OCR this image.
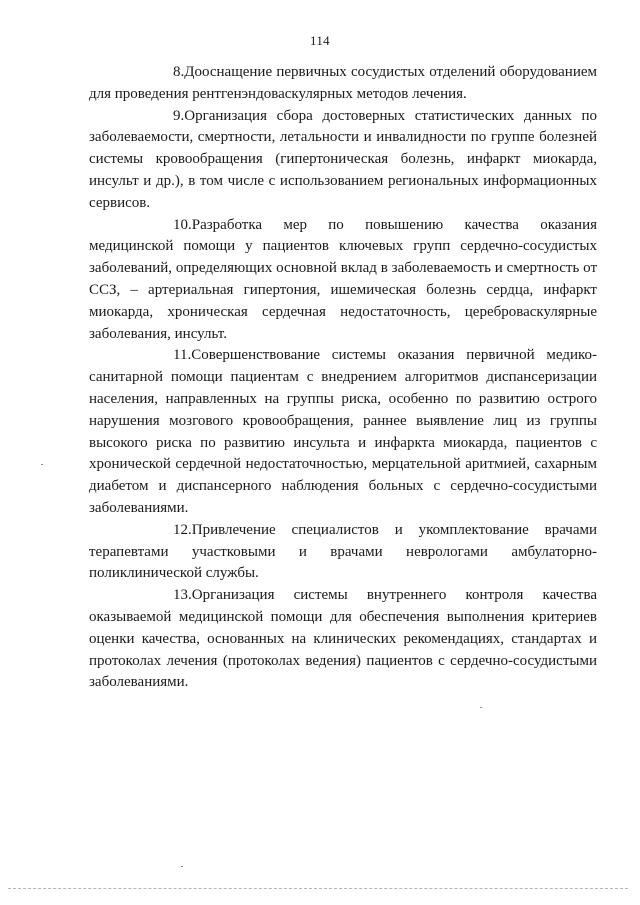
114

8.Дооснащение первичных сосудистых отделений оборудованием для проведения рентгенэндоваскулярных методов лечения.

9.Организация сбора достоверных статистических данных по заболеваемости, смертности, летальности и инвалидности по группе болезней системы кровообращения (гипертоническая болезнь, инфаркт миокарда, инсульт и др.), в том числе с использованием региональных информационных сервисов.

10.Разработка мер по повышению качества оказания медицинской помощи у пациентов ключевых групп сердечно-сосудистых заболеваний, определяющих основной вклад в заболеваемость и смертность от ССЗ, – артериальная гипертония, ишемическая болезнь сердца, инфаркт миокарда, хроническая сердечная недостаточность, цереброваскулярные заболевания, инсульт.

11.Совершенствование системы оказания первичной медико-санитарной помощи пациентам с внедрением алгоритмов диспансеризации населения, направленных на группы риска, особенно по развитию острого нарушения мозгового кровообращения, раннее выявление лиц из группы высокого риска по развитию инсульта и инфаркта миокарда, пациентов с хронической сердечной недостаточностью, мерцательной аритмией, сахарным диабетом и диспансерного наблюдения больных с сердечно-сосудистыми заболеваниями.

12.Привлечение специалистов и укомплектование врачами терапевтами участковыми и врачами неврологами амбулаторно-поликлинической службы.

13.Организация системы внутреннего контроля качества оказываемой медицинской помощи для обеспечения выполнения критериев оценки качества, основанных на клинических рекомендациях, стандартах и протоколах лечения (протоколах ведения) пациентов с сердечно-сосудистыми заболеваниями.
